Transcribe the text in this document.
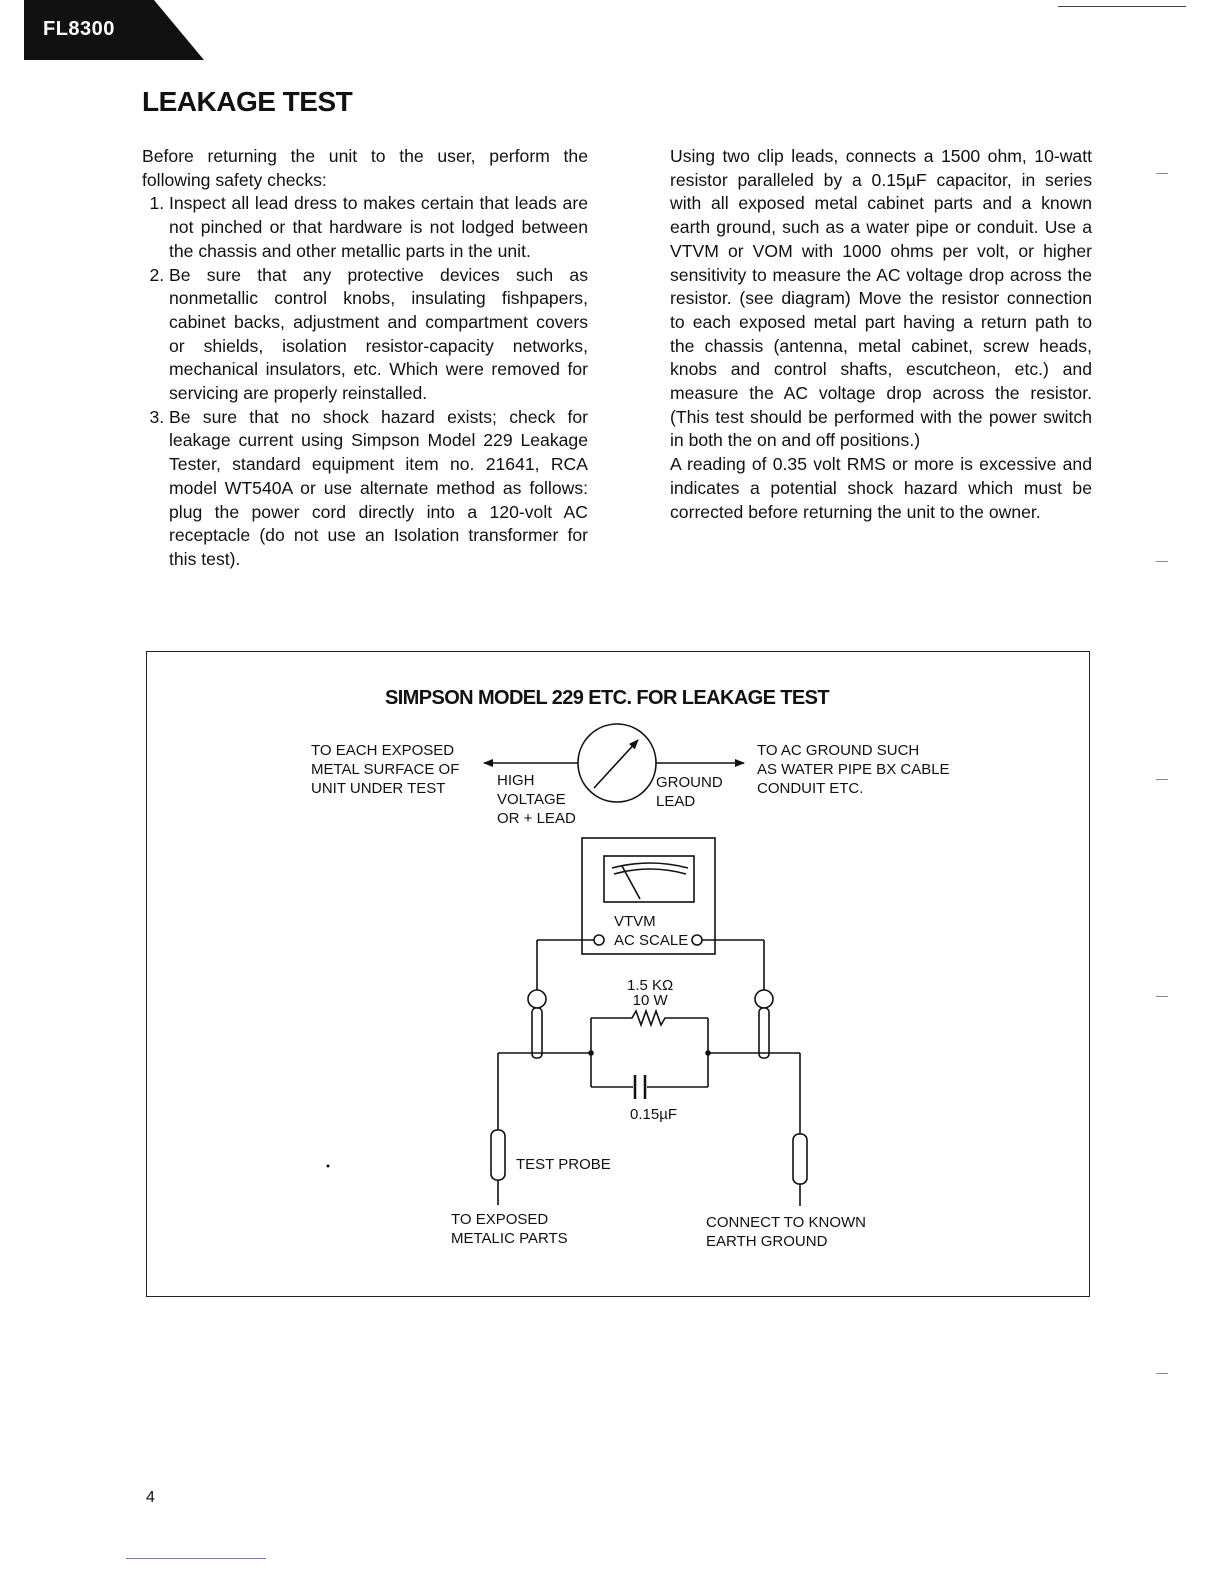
FL8300
LEAKAGE TEST

Before returning the unit to the user, perform the following safety checks:

1. Inspect all lead dress to makes certain that leads are not pinched or that hardware is not lodged between the chassis and other metallic parts in the unit.
2. Be sure that any protective devices such as nonmetallic control knobs, insulating fishpapers, cabinet backs, adjustment and compartment covers or shields, isolation resistor-capacity networks, mechanical insulators, etc. Which were removed for servicing are properly reinstalled.
3. Be sure that no shock hazard exists; check for leakage current using Simpson Model 229 Leakage Tester, standard equipment item no. 21641, RCA model WT540A or use alternate method as follows: plug the power cord directly into a 120-volt AC receptacle (do not use an Isolation transformer for this test).

Using two clip leads, connects a 1500 ohm, 10-watt resistor paralleled by a 0.15µF capacitor, in series with all exposed metal cabinet parts and a known earth ground, such as a water pipe or conduit. Use a VTVM or VOM with 1000 ohms per volt, or higher sensitivity to measure the AC voltage drop across the resistor. (see diagram) Move the resistor connection to each exposed metal part having a return path to the chassis (antenna, metal cabinet, screw heads, knobs and control shafts, escutcheon, etc.) and measure the AC voltage drop across the resistor. (This test should be performed with the power switch in both the on and off positions.)

A reading of 0.35 volt RMS or more is excessive and indicates a potential shock hazard which must be corrected before returning the unit to the owner.

SIMPSON MODEL 229 ETC. FOR LEAKAGE TEST
TO EACH EXPOSED
METAL SURFACE OF
UNIT UNDER TEST	HIGH
VOLTAGE
OR + LEAD
GROUND
LEAD
TO AC GROUND SUCH
AS WATER PIPE BX CABLE
CONDUIT ETC.
VTVM
AC SCALE
1.5 KΩ
10 W
0.15µF
TEST PROBE
TO EXPOSED
METALIC PARTS
CONNECT TO KNOWN
EARTH GROUND
4
